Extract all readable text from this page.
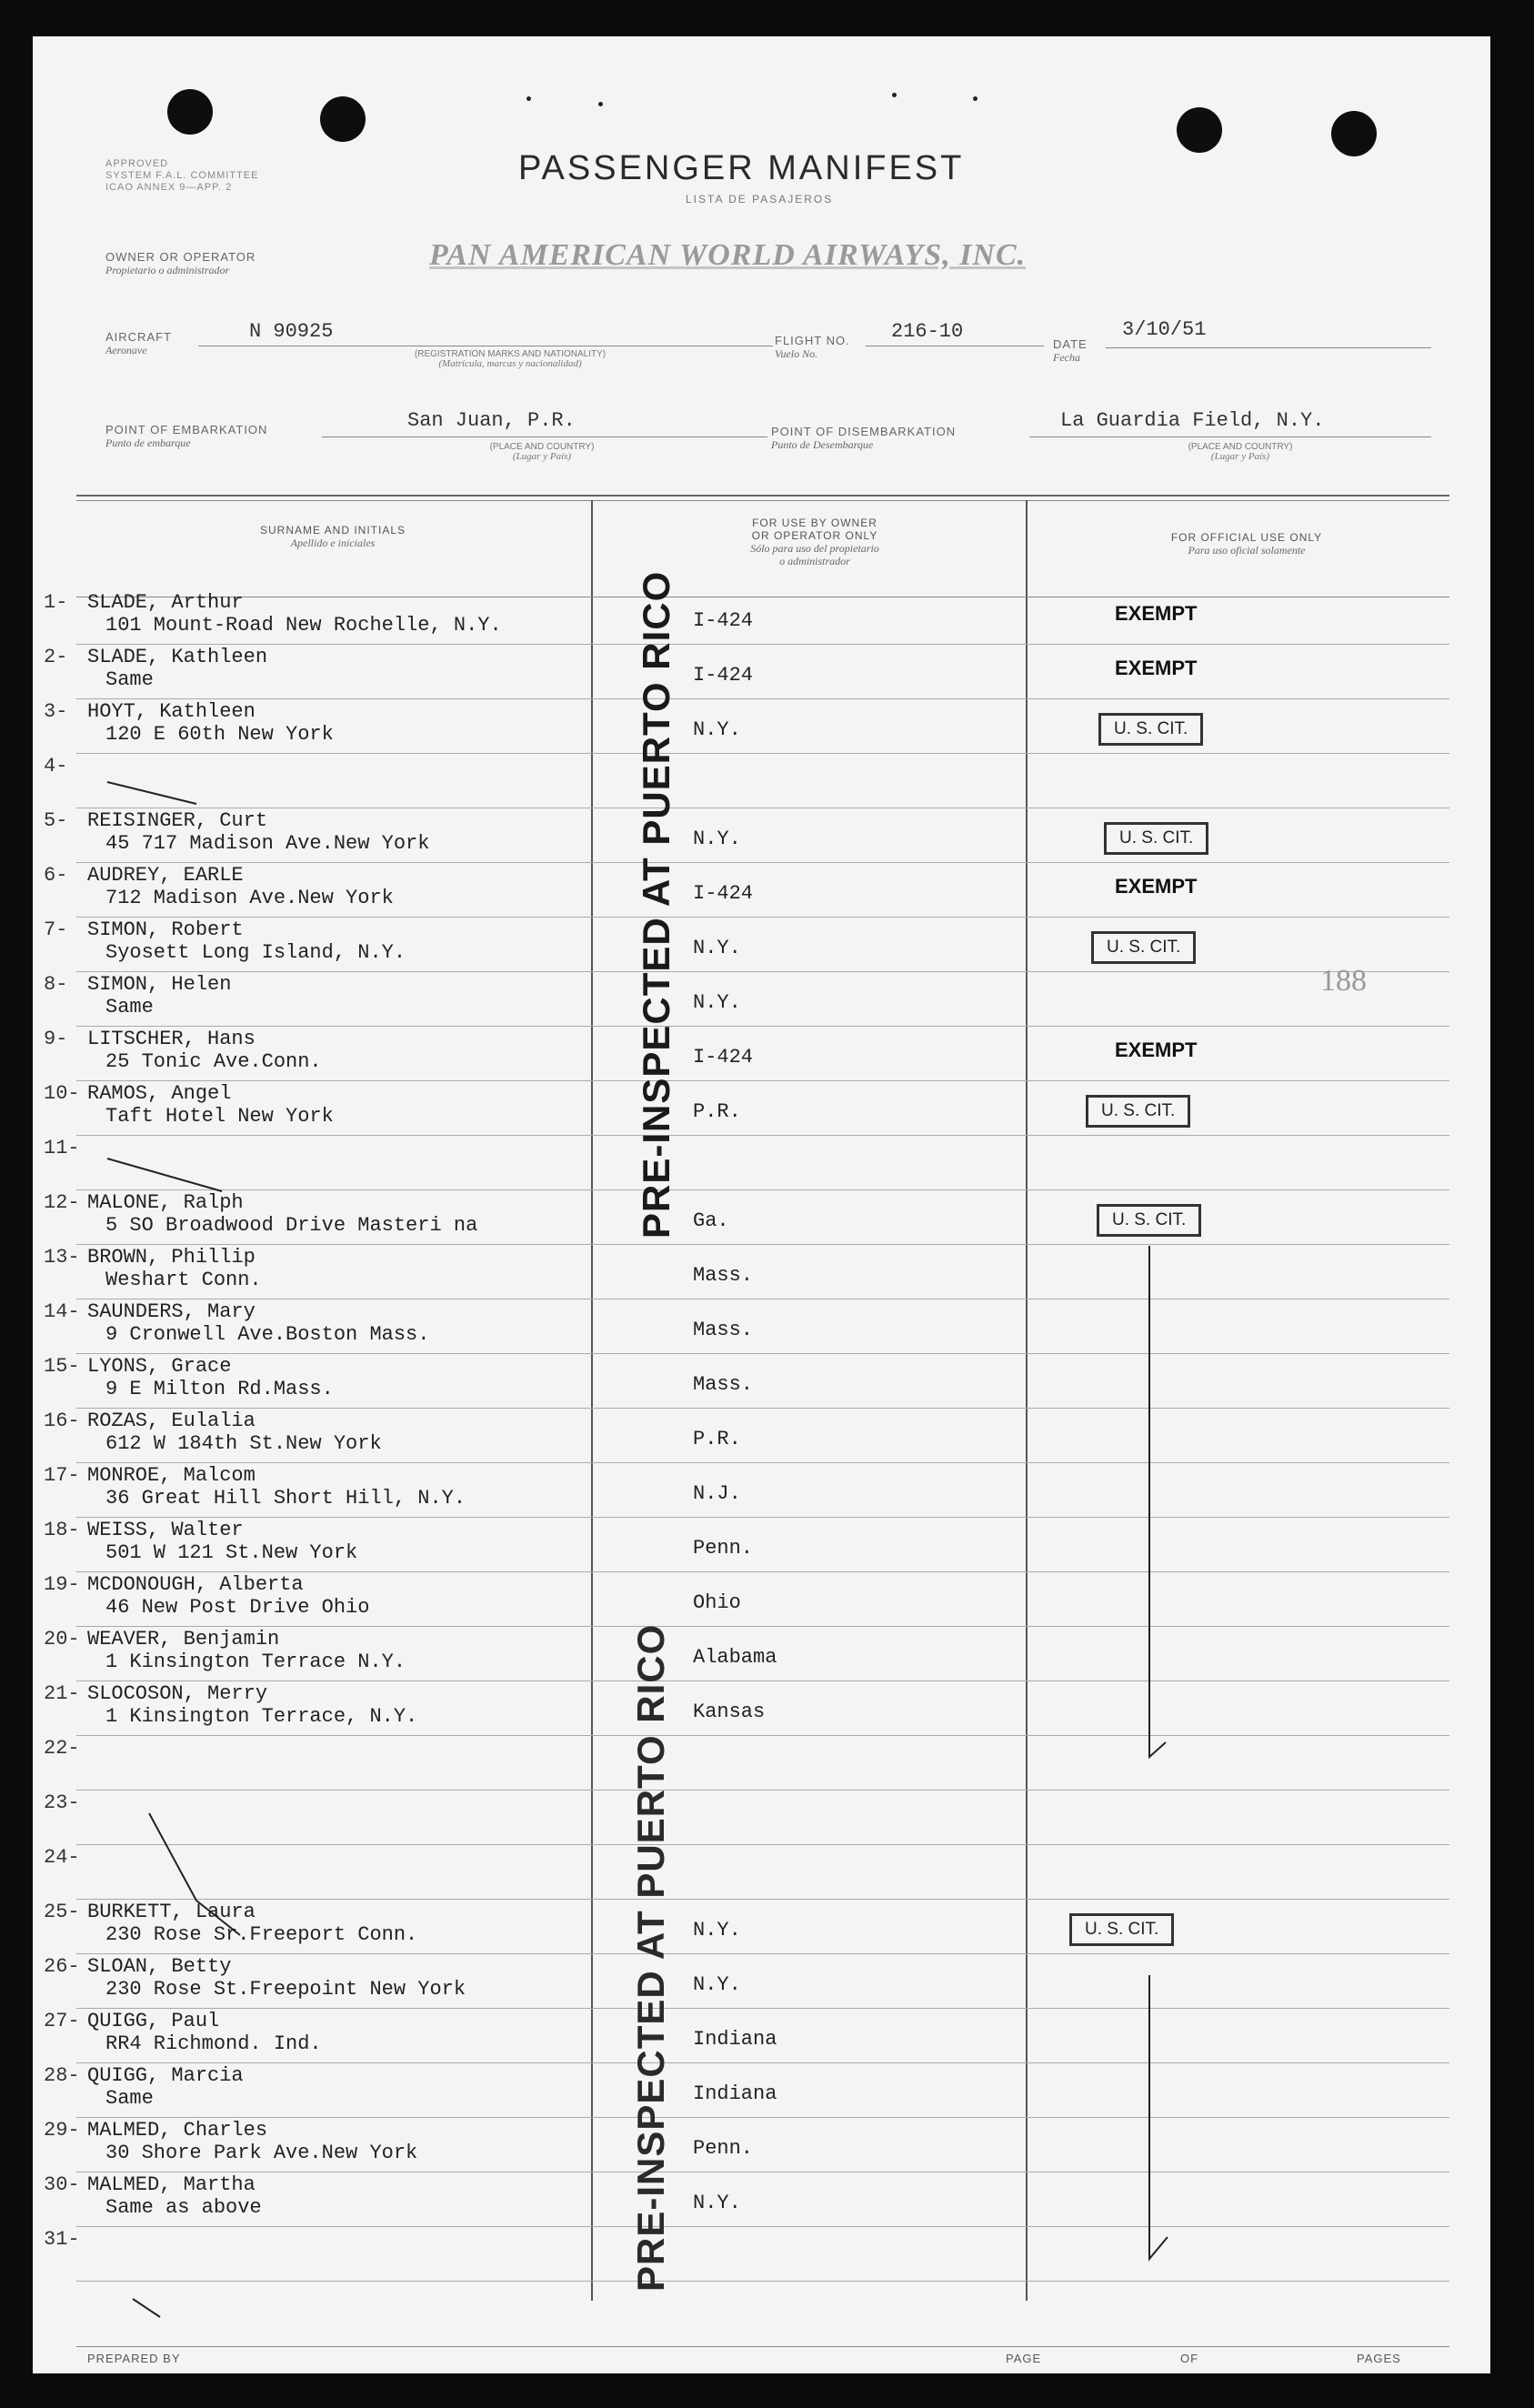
APPROVED
SYSTEM F.A.L. COMMITTEE
ICAO ANNEX 9—APP. 2	PASSENGER MANIFEST
LISTA DE PASAJEROS
OWNER OR OPERATOR
Propietario o administrador	PAN AMERICAN WORLD AIRWAYS, INC.
AIRCRAFT
Aeronave
N 90925
(REGISTRATION MARKS AND NATIONALITY)
(Matrícula, marcas y nacionalidad)
FLIGHT NO.
Vuelo No.
216-10
DATE
Fecha
3/10/51
POINT OF EMBARKATION
Punto de embarque
San Juan, P.R.
(PLACE AND COUNTRY)
(Lugar y País)
POINT OF DISEMBARKATION
Punto de Desembarque
La Guardia Field, N.Y.
(PLACE AND COUNTRY)
(Lugar y País)
SURNAME AND INITIALS
Apellido e iniciales
FOR USE BY OWNER
OR OPERATOR ONLY
Sólo para uso del propietario
o administrador
FOR OFFICIAL USE ONLY
Para uso oficial solamente
1- SLADE, Arthur
101 Mount-Road New Rochelle, N.Y.	I-424	EXEMPT
2- SLADE, Kathleen
Same	I-424	EXEMPT
3- HOYT, Kathleen
120 E 60th New York	N.Y.	U. S. CIT.
4-
5- REISINGER, Curt
45 717 Madison Ave.New York	N.Y.	U. S. CIT.
6- AUDREY, EARLE
712 Madison Ave.New York	I-424	EXEMPT
7- SIMON, Robert
Syosett Long Island, N.Y.	N.Y.	U. S. CIT.
8- SIMON, Helen
Same	N.Y.
9- LITSCHER, Hans
25 Tonic Ave.Conn.	I-424	EXEMPT
10- RAMOS, Angel
Taft Hotel New York	P.R.	U. S. CIT.
11-
12- MALONE, Ralph
5 SO Broadwood Drive Masteri na	Ga.	U. S. CIT.
13- BROWN, Phillip
Weshart Conn.	Mass.
14- SAUNDERS, Mary
9 Cronwell Ave.Boston Mass.	Mass.
15- LYONS, Grace
9 E Milton Rd.Mass.	Mass.
16- ROZAS, Eulalia
612 W 184th St.New York	P.R.
17- MONROE, Malcom
36 Great Hill Short Hill, N.Y.	N.J.
18- WEISS, Walter
501 W 121 St.New York	Penn.
19- MCDONOUGH, Alberta
46 New Post Drive Ohio	Ohio
20- WEAVER, Benjamin
1 Kinsington Terrace N.Y.	Alabama
21- SLOCOSON, Merry
1 Kinsington Terrace, N.Y.	Kansas
22-
23-
24-
25- BURKETT, Laura
230 Rose Sr.Freeport Conn.	N.Y.	U. S. CIT.
26- SLOAN, Betty
230 Rose St.Freepoint New York	N.Y.
27- QUIGG, Paul
RR4 Richmond. Ind.	Indiana
28- QUIGG, Marcia
Same	Indiana
29- MALMED, Charles
30 Shore Park Ave.New York	Penn.
30- MALMED, Martha
Same as above	N.Y.
31-
PRE-INSPECTED AT PUERTO RICO
PRE-INSPECTED AT PUERTO RICO
188
PREPARED BY	PAGE	OF	PAGES
